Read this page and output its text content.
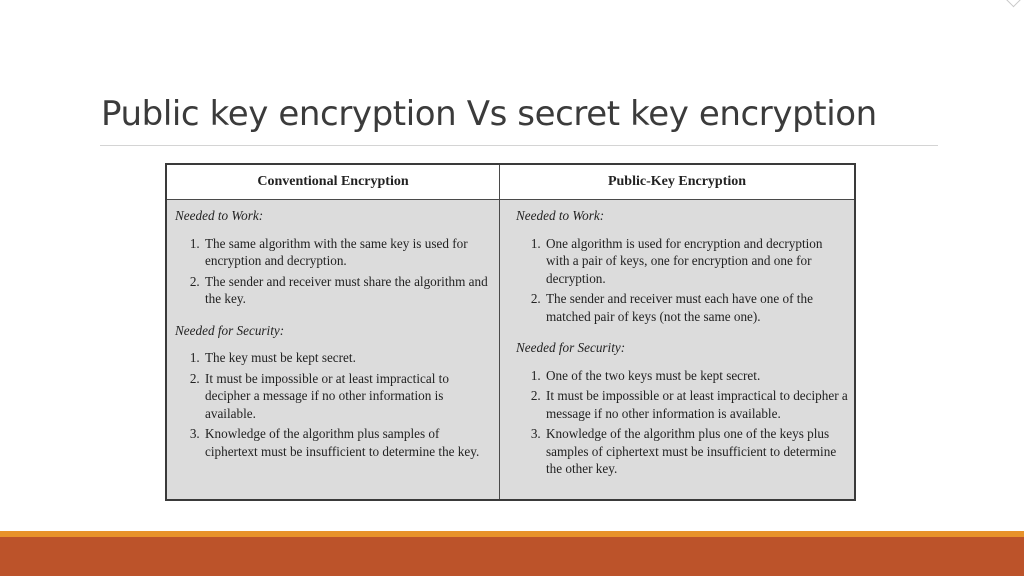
Public key encryption Vs secret key encryption
Conventional Encryption	Public-Key Encryption
Needed to Work:
1. The same algorithm with the same key is used for encryption and decryption.
2. The sender and receiver must share the algorithm and the key.
Needed for Security:
1. The key must be kept secret.
2. It must be impossible or at least impractical to decipher a message if no other information is available.
3. Knowledge of the algorithm plus samples of ciphertext must be insufficient to determine the key.
Needed to Work:
1. One algorithm is used for encryption and decryption with a pair of keys, one for encryption and one for decryption.
2. The sender and receiver must each have one of the matched pair of keys (not the same one).
Needed for Security:
1. One of the two keys must be kept secret.
2. It must be impossible or at least impractical to decipher a message if no other information is available.
3. Knowledge of the algorithm plus one of the keys plus samples of ciphertext must be insufficient to determine the other key.
